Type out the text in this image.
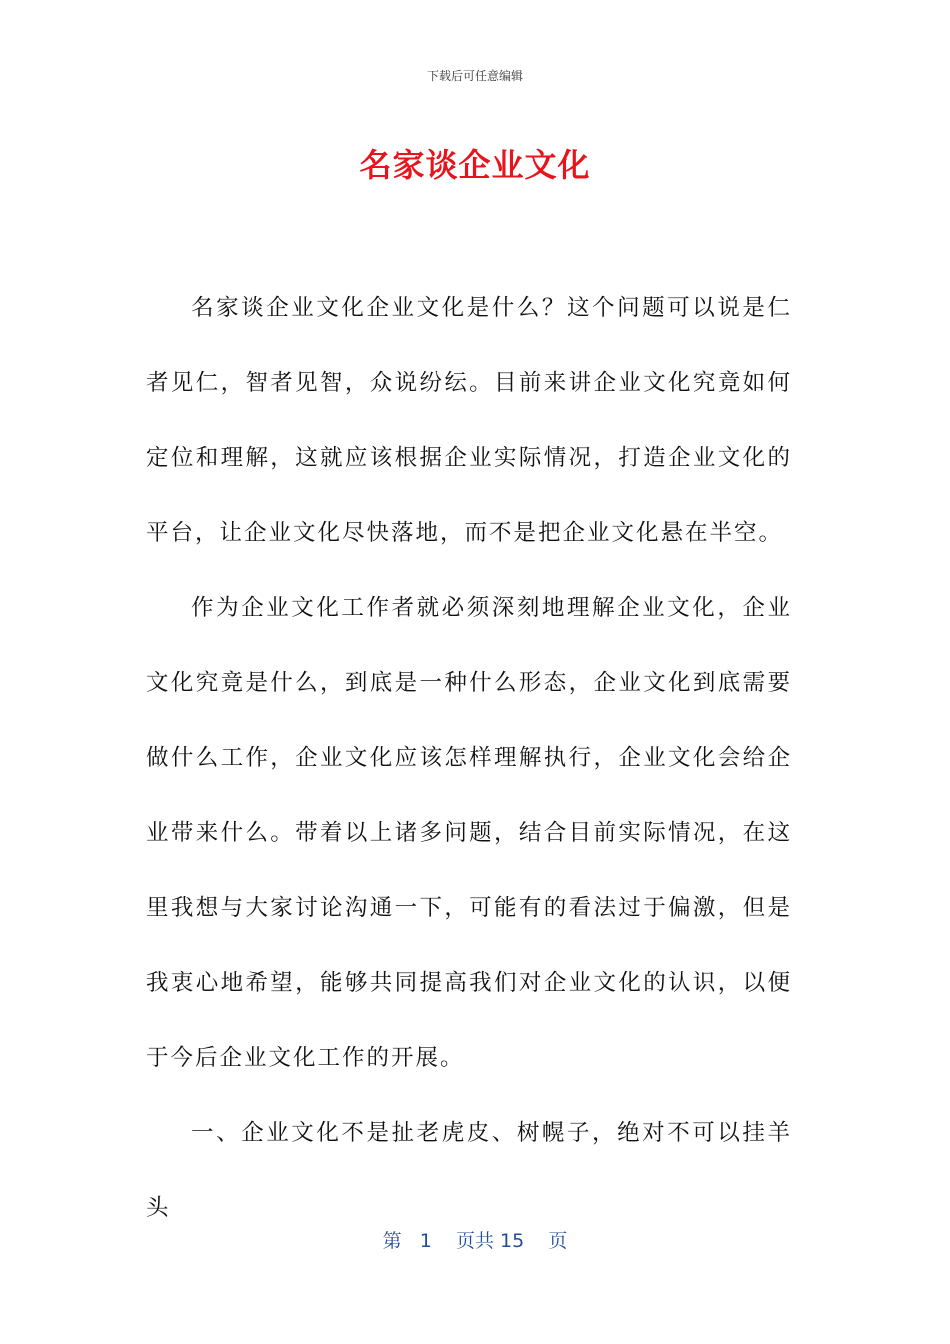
下载后可任意编辑
名家谈企业文化

名家谈企业文化企业文化是什么？这个问题可以说是仁者见仁，智者见智，众说纷纭。目前来讲企业文化究竟如何定位和理解，这就应该根据企业实际情况，打造企业文化的平台，让企业文化尽快落地，而不是把企业文化悬在半空。

作为企业文化工作者就必须深刻地理解企业文化，企业文化究竟是什么，到底是一种什么形态，企业文化到底需要做什么工作，企业文化应该怎样理解执行，企业文化会给企业带来什么。带着以上诸多问题，结合目前实际情况，在这里我想与大家讨论沟通一下，可能有的看法过于偏激，但是我衷心地希望，能够共同提高我们对企业文化的认识，以便于今后企业文化工作的开展。

一、企业文化不是扯老虎皮、树幌子，绝对不可以挂羊头

第 1 页共 15 页
